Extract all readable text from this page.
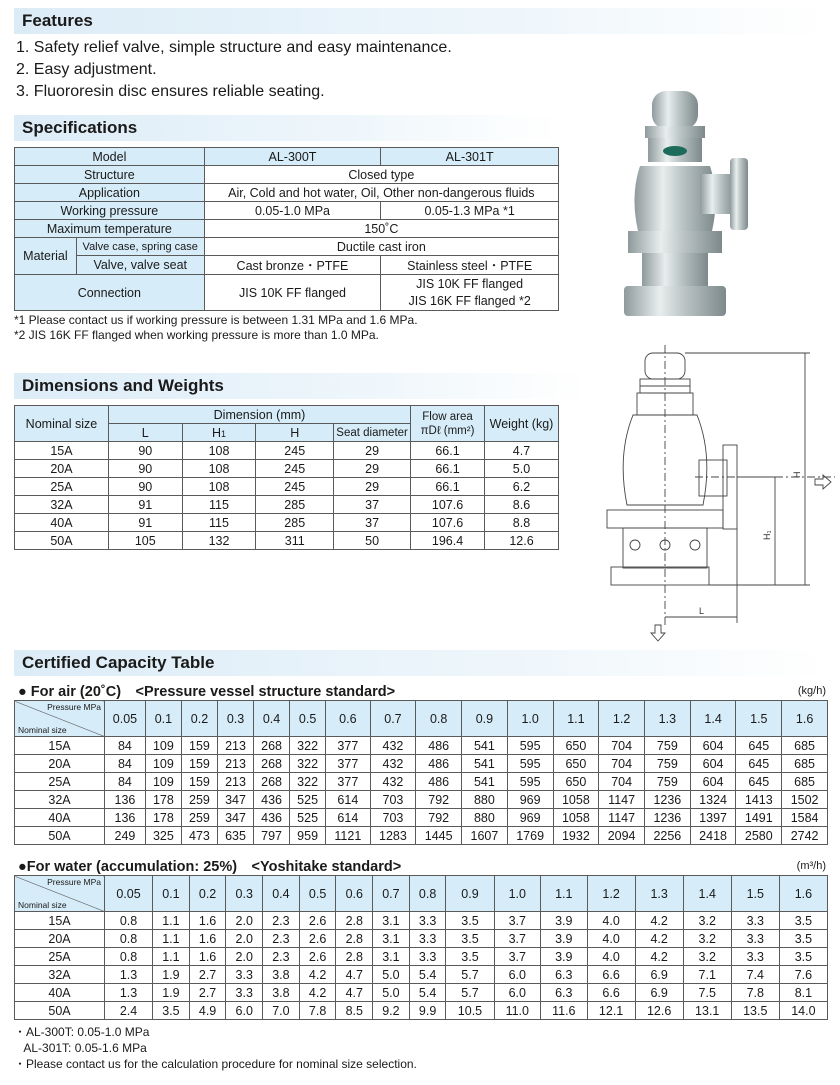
Features
1. Safety relief valve, simple structure and easy maintenance.
2. Easy adjustment.
3. Fluororesin disc ensures reliable seating.
Specifications
Model		AL-300T	AL-301T
Structure		Closed type	
Application		Air, Cold and hot water, Oil, Other non-dangerous fluids	
Working pressure		0.05-1.0 MPa	0.05-1.3 MPa *1
Maximum temperature		150˚C	
Material	Valve case, spring case	Ductile cast iron	
	Valve, valve seat	Cast bronze・PTFE	Stainless steel・PTFE
Connection		JIS 10K FF flanged	JIS 10K FF flanged
JIS 16K FF flanged *2
*1 Please contact us if working pressure is between 1.31 MPa and 1.6 MPa.
*2 JIS 16K FF flanged when working pressure is more than 1.0 MPa.
Dimensions and Weights
Nominal size	Dimension (mm)				Flow area
πDℓ (mm²)	Weight (kg)
	L	H1	H	Seat diameter		
15A	90	108	245	29	66.1	4.7
20A	90	108	245	29	66.1	5.0
25A	90	108	245	29	66.1	6.2
32A	91	115	285	37	107.6	8.6
40A	91	115	285	37	107.6	8.8
50A	105	132	311	50	196.4	12.6
H
H₁
L
Certified Capacity Table
● For air (20˚C)　<Pressure vessel structure standard>	(kg/h)
Pressure MPa
Nominal size	0.05	0.1	0.2	0.3	0.4	0.5	0.6	0.7	0.8	0.9	1.0	1.1	1.2	1.3	1.4	1.5	1.6
15A	84	109	159	213	268	322	377	432	486	541	595	650	704	759	604	645	685
20A	84	109	159	213	268	322	377	432	486	541	595	650	704	759	604	645	685
25A	84	109	159	213	268	322	377	432	486	541	595	650	704	759	604	645	685
32A	136	178	259	347	436	525	614	703	792	880	969	1058	1147	1236	1324	1413	1502
40A	136	178	259	347	436	525	614	703	792	880	969	1058	1147	1236	1397	1491	1584
50A	249	325	473	635	797	959	1121	1283	1445	1607	1769	1932	2094	2256	2418	2580	2742
●For water (accumulation: 25%)　<Yoshitake standard>	(m³/h)
Pressure MPa
Nominal size	0.05	0.1	0.2	0.3	0.4	0.5	0.6	0.7	0.8	0.9	1.0	1.1	1.2	1.3	1.4	1.5	1.6
15A	0.8	1.1	1.6	2.0	2.3	2.6	2.8	3.1	3.3	3.5	3.7	3.9	4.0	4.2	3.2	3.3	3.5
20A	0.8	1.1	1.6	2.0	2.3	2.6	2.8	3.1	3.3	3.5	3.7	3.9	4.0	4.2	3.2	3.3	3.5
25A	0.8	1.1	1.6	2.0	2.3	2.6	2.8	3.1	3.3	3.5	3.7	3.9	4.0	4.2	3.2	3.3	3.5
32A	1.3	1.9	2.7	3.3	3.8	4.2	4.7	5.0	5.4	5.7	6.0	6.3	6.6	6.9	7.1	7.4	7.6
40A	1.3	1.9	2.7	3.3	3.8	4.2	4.7	5.0	5.4	5.7	6.0	6.3	6.6	6.9	7.5	7.8	8.1
50A	2.4	3.5	4.9	6.0	7.0	7.8	8.5	9.2	9.9	10.5	11.0	11.6	12.1	12.6	13.1	13.5	14.0
・AL-300T: 0.05-1.0 MPa
AL-301T: 0.05-1.6 MPa
・Please contact us for the calculation procedure for nominal size selection.
